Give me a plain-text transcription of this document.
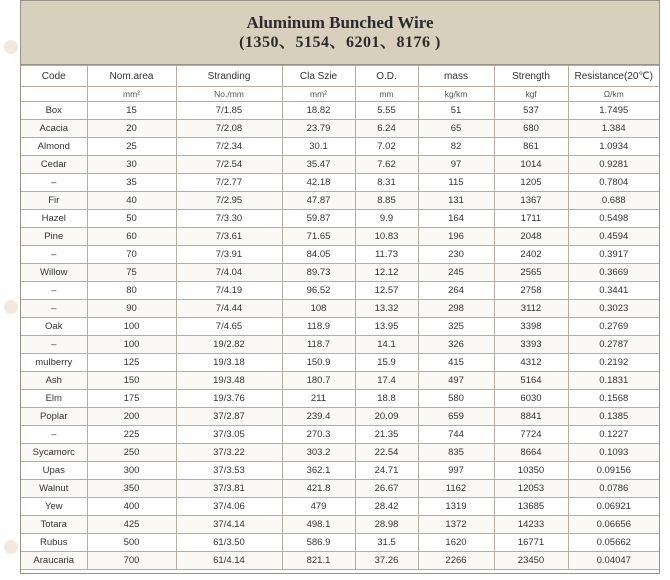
Aluminum Bunched Wire
(1350、5154、6201、8176 )
Code	Nom.area	Stranding	Cla Szie	O.D.	mass	Strength	Resistance(20℃)
	mm²	No./mm	mm²	mm	kg/km	kgf	Ω/km
Box	15	7/1.85	18.82	5.55	51	537	1.7495
Acacia	20	7/2.08	23.79	6.24	65	680	1.384
Almond	25	7/2.34	30.1	7.02	82	861	1.0934
Cedar	30	7/2.54	35.47	7.62	97	1014	0.9281
–	35	7/2.77	42.18	8.31	115	1205	0.7804
Fir	40	7/2.95	47.87	8.85	131	1367	0.688
Hazel	50	7/3.30	59.87	9.9	164	1711	0.5498
Pine	60	7/3.61	71.65	10.83	196	2048	0.4594
–	70	7/3.91	84.05	11.73	230	2402	0.3917
Willow	75	7/4.04	89.73	12.12	245	2565	0.3669
–	80	7/4.19	96.52	12.57	264	2758	0.3441
–	90	7/4.44	108	13.32	298	3112	0.3023
Oak	100	7/4.65	118.9	13.95	325	3398	0.2769
–	100	19/2.82	118.7	14.1	326	3393	0.2787
mulberry	125	19/3.18	150.9	15.9	415	4312	0.2192
Ash	150	19/3.48	180.7	17.4	497	5164	0.1831
Elm	175	19/3.76	211	18.8	580	6030	0.1568
Poplar	200	37/2.87	239.4	20.09	659	8841	0.1385
–	225	37/3.05	270.3	21.35	744	7724	0.1227
Sycamorc	250	37/3.22	303.2	22.54	835	8664	0.1093
Upas	300	37/3.53	362.1	24.71	997	10350	0.09156
Walnut	350	37/3.81	421.8	26.67	1162	12053	0.0786
Yew	400	37/4.06	479	28.42	1319	13685	0.06921
Totara	425	37/4.14	498.1	28.98	1372	14233	0.06656
Rubus	500	61/3.50	586.9	31.5	1620	16771	0.05662
Araucaria	700	61/4.14	821.1	37.26	2266	23450	0.04047
